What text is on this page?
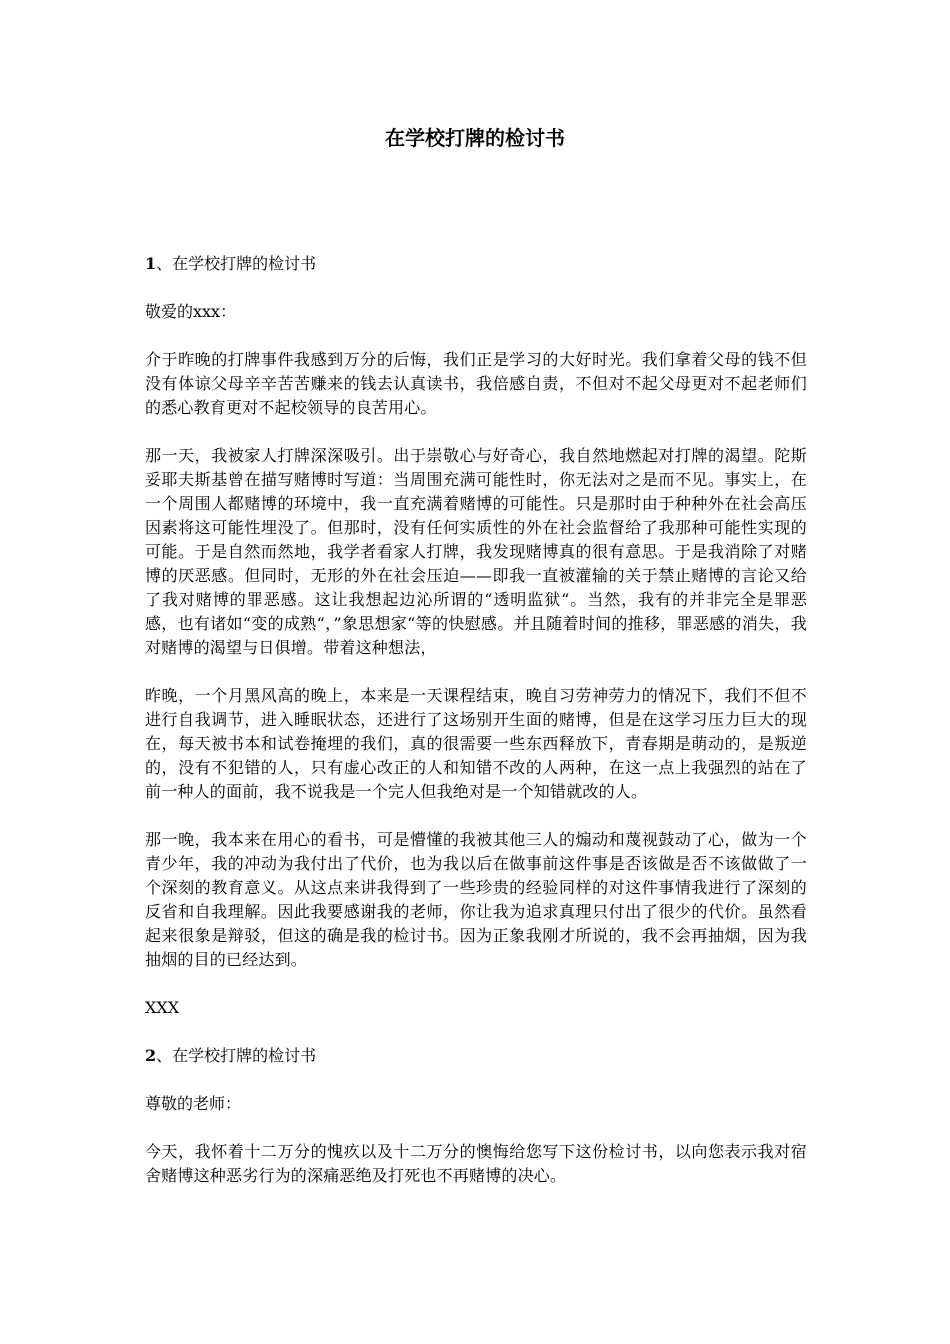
在学校打牌的检讨书

1、在学校打牌的检讨书

敬爱的xxx：

介于昨晚的打牌事件我感到万分的后悔，我们正是学习的大好时光。我们拿着父母的钱不但没有体谅父母辛辛苦苦赚来的钱去认真读书，我倍感自责，不但对不起父母更对不起老师们的悉心教育更对不起校领导的良苦用心。

那一天，我被家人打牌深深吸引。出于崇敬心与好奇心，我自然地燃起对打牌的渴望。陀斯妥耶夫斯基曾在描写赌博时写道：当周围充满可能性时，你无法对之是而不见。事实上，在一个周围人都赌博的环境中，我一直充满着赌博的可能性。只是那时由于种种外在社会高压因素将这可能性埋没了。但那时，没有任何实质性的外在社会监督给了我那种可能性实现的可能。于是自然而然地，我学者看家人打牌，我发现赌博真的很有意思。于是我消除了对赌博的厌恶感。但同时，无形的外在社会压迫——即我一直被灌输的关于禁止赌博的言论又给了我对赌博的罪恶感。这让我想起边沁所谓的“透明监狱“。当然，我有的并非完全是罪恶感，也有诸如“变的成熟“，”象思想家“等的快慰感。并且随着时间的推移，罪恶感的消失，我对赌博的渴望与日俱增。带着这种想法，

昨晚，一个月黑风高的晚上，本来是一天课程结束，晚自习劳神劳力的情况下，我们不但不进行自我调节，进入睡眠状态，还进行了这场别开生面的赌博，但是在这学习压力巨大的现在，每天被书本和试卷掩埋的我们，真的很需要一些东西释放下，青春期是萌动的，是叛逆的，没有不犯错的人，只有虚心改正的人和知错不改的人两种，在这一点上我强烈的站在了前一种人的面前，我不说我是一个完人但我绝对是一个知错就改的人。

那一晚，我本来在用心的看书，可是懵懂的我被其他三人的煽动和蔑视鼓动了心，做为一个青少年，我的冲动为我付出了代价，也为我以后在做事前这件事是否该做是否不该做做了一个深刻的教育意义。从这点来讲我得到了一些珍贵的经验同样的对这件事情我进行了深刻的反省和自我理解。因此我要感谢我的老师，你让我为追求真理只付出了很少的代价。虽然看起来很象是辩驳，但这的确是我的检讨书。因为正象我刚才所说的，我不会再抽烟，因为我抽烟的目的已经达到。

XXX

2、在学校打牌的检讨书

尊敬的老师：

今天，我怀着十二万分的愧疚以及十二万分的懊悔给您写下这份检讨书，以向您表示我对宿舍赌博这种恶劣行为的深痛恶绝及打死也不再赌博的决心。
